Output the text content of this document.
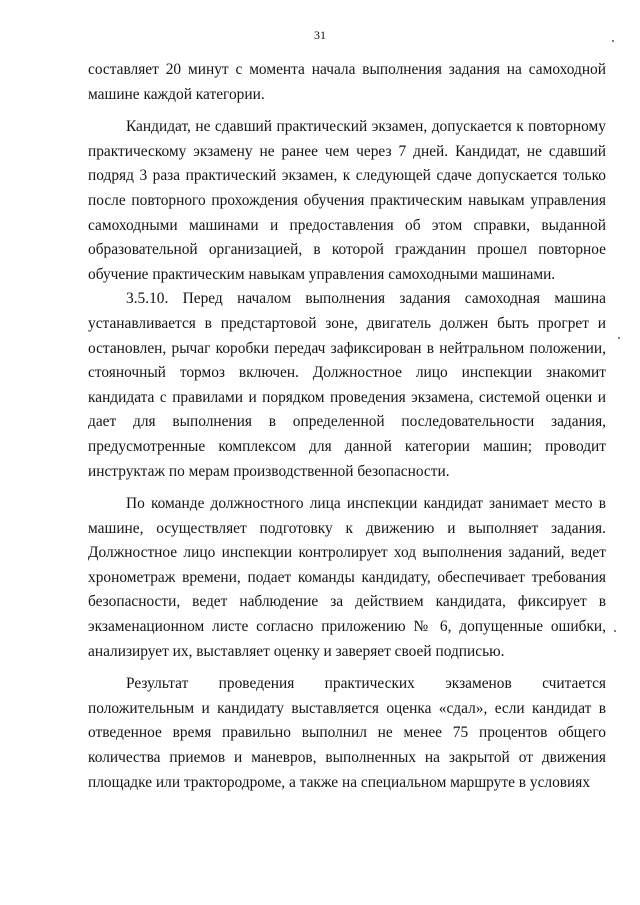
31

составляет 20 минут с момента начала выполнения задания на самоходной машине каждой категории.

Кандидат, не сдавший практический экзамен, допускается к повторному практическому экзамену не ранее чем через 7 дней. Кандидат, не сдавший подряд 3 раза практический экзамен, к следующей сдаче допускается только после повторного прохождения обучения практическим навыкам управления самоходными машинами и предоставления об этом справки, выданной образовательной организацией, в которой гражданин прошел повторное обучение практическим навыкам управления самоходными машинами.

3.5.10. Перед началом выполнения задания самоходная машина устанавливается в предстартовой зоне, двигатель должен быть прогрет и остановлен, рычаг коробки передач зафиксирован в нейтральном положении, стояночный тормоз включен. Должностное лицо инспекции знакомит кандидата с правилами и порядком проведения экзамена, системой оценки и дает для выполнения в определенной последовательности задания, предусмотренные комплексом для данной категории машин; проводит инструктаж по мерам производственной безопасности.

По команде должностного лица инспекции кандидат занимает место в машине, осуществляет подготовку к движению и выполняет задания. Должностное лицо инспекции контролирует ход выполнения заданий, ведет хронометраж времени, подает команды кандидату, обеспечивает требования безопасности, ведет наблюдение за действием кандидата, фиксирует в экзаменационном листе согласно приложению № 6, допущенные ошибки, анализирует их, выставляет оценку и заверяет своей подписью.

Результат проведения практических экзаменов считается положительным и кандидату выставляется оценка «сдал», если кандидат в отведенное время правильно выполнил не менее 75 процентов общего количества приемов и маневров, выполненных на закрытой от движения площадке или трактородроме, а также на специальном маршруте в условиях
